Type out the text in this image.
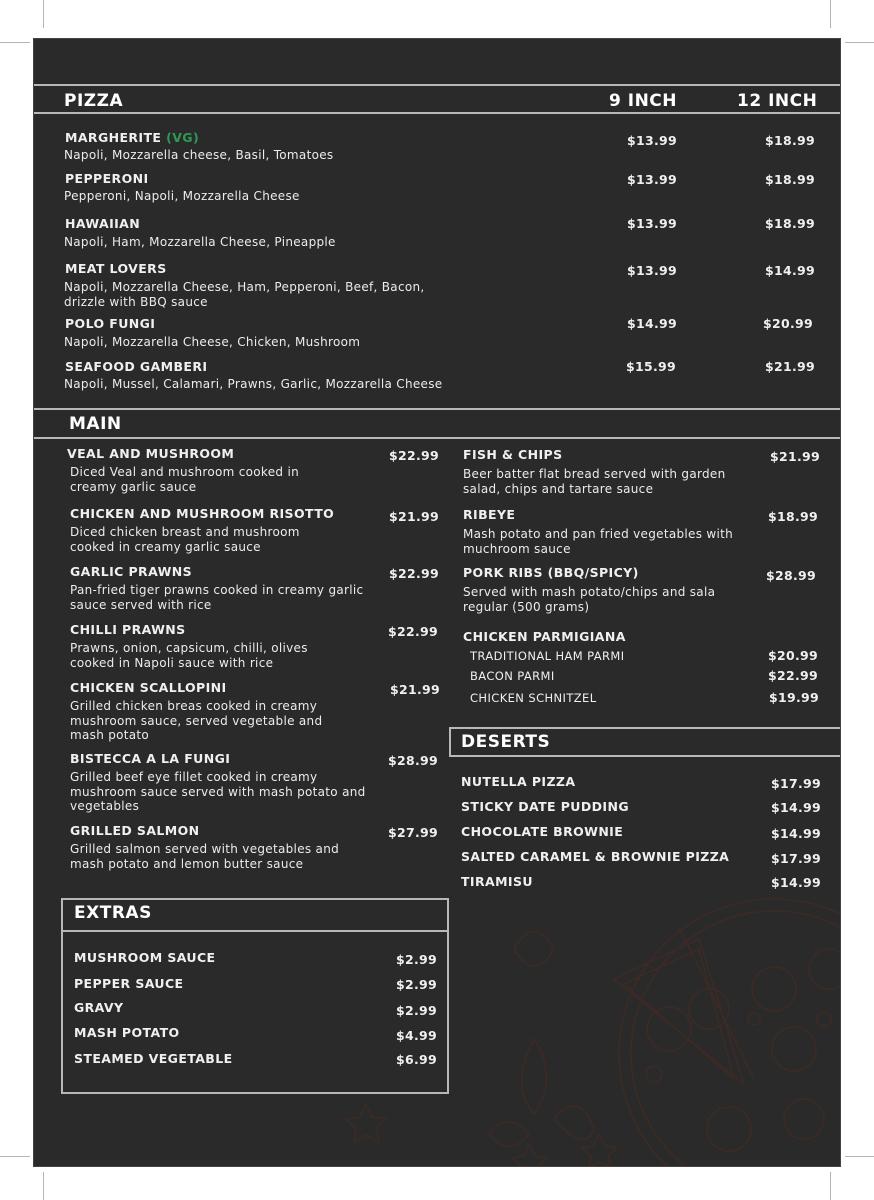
PIZZA	9 INCH	12 INCH
MARGHERITE (VG)
Napoli, Mozzarella cheese, Basil, Tomatoes
$13.99	$18.99
PEPPERONI
Pepperoni, Napoli, Mozzarella Cheese
$13.99	$18.99
HAWAIIAN
Napoli, Ham, Mozzarella Cheese, Pineapple
$13.99	$18.99
MEAT LOVERS
Napoli, Mozzarella Cheese, Ham, Pepperoni, Beef, Bacon, drizzle with BBQ sauce
$13.99	$14.99
POLO FUNGI
Napoli, Mozzarella Cheese, Chicken, Mushroom
$14.99	$20.99
SEAFOOD GAMBERI
Napoli, Mussel, Calamari, Prawns, Garlic, Mozzarella Cheese
$15.99	$21.99
MAIN
VEAL AND MUSHROOM
Diced Veal and mushroom cooked in creamy garlic sauce
$22.99
CHICKEN AND MUSHROOM RISOTTO
Diced chicken breast and mushroom cooked in creamy garlic sauce
$21.99
GARLIC PRAWNS
Pan-fried tiger prawns cooked in creamy garlic sauce served with rice
$22.99
CHILLI PRAWNS
Prawns, onion, capsicum, chilli, olives cooked in Napoli sauce with rice
$22.99
CHICKEN SCALLOPINI
Grilled chicken breas cooked in creamy mushroom sauce, served vegetable and mash potato
$21.99
BISTECCA A LA FUNGI
Grilled beef eye fillet cooked in creamy mushroom sauce served with mash potato and vegetables
$28.99
GRILLED SALMON
Grilled salmon served with vegetables and mash potato and lemon butter sauce
$27.99
FISH & CHIPS
Beer batter flat bread served with garden salad, chips and tartare sauce
$21.99
RIBEYE
Mash potato and pan fried vegetables with muchroom sauce
$18.99
PORK RIBS (BBQ/SPICY)
Served with mash potato/chips and sala regular (500 grams)
$28.99
CHICKEN PARMIGIANA
TRADITIONAL HAM PARMI	$20.99
BACON PARMI	$22.99
CHICKEN SCHNITZEL	$19.99
DESERTS
NUTELLA PIZZA	$17.99
STICKY DATE PUDDING	$14.99
CHOCOLATE BROWNIE	$14.99
SALTED CARAMEL & BROWNIE PIZZA	$17.99
TIRAMISU	$14.99
EXTRAS
MUSHROOM SAUCE	$2.99
PEPPER SAUCE	$2.99
GRAVY	$2.99
MASH POTATO	$4.99
STEAMED VEGETABLE	$6.99
